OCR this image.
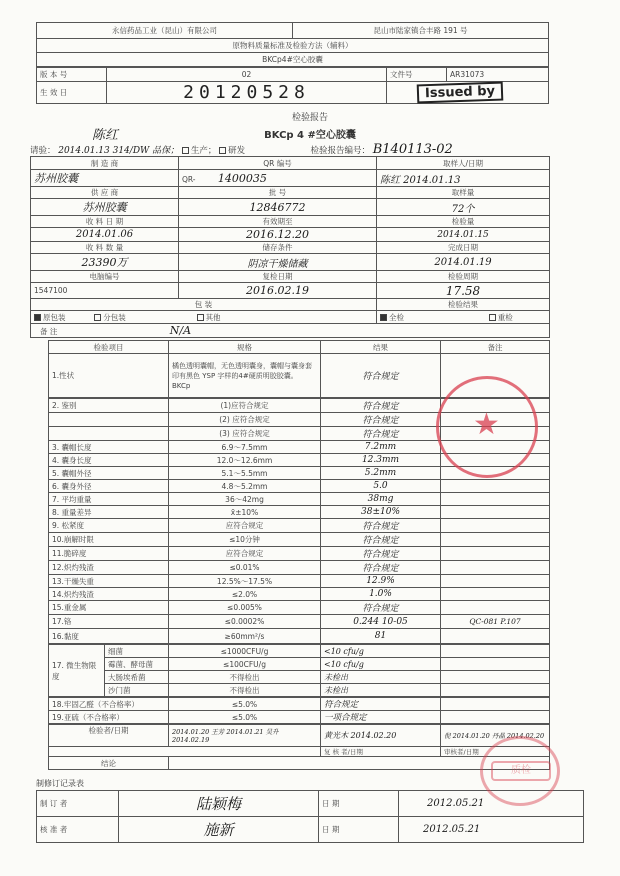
永信药品工业（昆山）有限公司	昆山市陆家镇合丰路 191 号
原物料质量标准及检验方法（辅料）
BKCp4#空心胶囊
版 本 号	02	文件号	AR31073
生 效 日	20120528	Issued by	
检验报告
BKCp 4 #空心胶囊
陈红
请验： 2014.01.13 314/DW 品保； 生产； 研发	检验报告编号： B140113-02
制 造 商	QR 编号	取样人/日期
苏州胶囊	QR- 1400035	陈红 2014.01.13
供 应 商	批 号	取样量
苏州胶囊	12846772	72个
收 料 日 期	有效期至	检验量
2014.01.06	2016.12.20	2014.01.15
收 料 数 量	储存条件	完成日期
23390万	阴凉干燥储藏	2014.01.19
电脑编号	复检日期	检验周期
1547100	2016.02.19	17.58
包 装	检验结果
原包装 分包装 其他	全检 重检
备 注 N/A	
检验项目	规格	结果	备注
1.性状	橘色透明囊帽，无色透明囊身，囊帽与囊身套印有黑色 YSP 字样的4#硬质明胶胶囊。 BKCp	符合规定	
2. 鉴别	(1)应符合规定	符合规定	
	(2) 应符合规定	符合规定	
	(3) 应符合规定	符合规定	
3. 囊帽长度	6.9～7.5mm	7.2mm	
4. 囊身长度	12.0～12.6mm	12.3mm	
5. 囊帽外径	5.1～5.5mm	5.2mm	
6. 囊身外径	4.8～5.2mm	5.0	
7. 平均重量	36～42mg	38mg	
8. 重量差异	x̄±10%	38±10%	
9. 松紧度	应符合规定	符合规定	
10.崩解时限	≤10分钟	符合规定	
11.脆碎度	应符合规定	符合规定	
12.炽灼残渣	≤0.01%	符合规定	
13.干燥失重	12.5%～17.5%	12.9%	
14.炽灼残渣	≤2.0%	1.0%	
15.重金属	≤0.005%	符合规定	
17.铬	≤0.0002%	0.244 10-05	QC-081 P.107
16.黏度	≥60mm²/s	81	
17. 微生物限度	细菌	≤1000CFU/g	<10 cfu/g	
	霉菌、酵母菌	≤100CFU/g	<10 cfu/g	
	大肠埃希菌	不得检出	未检出	
	沙门菌	不得检出	未检出	
18.牢固乙醛（不合格率）	≤5.0%	符合规定	
19.亚硫（不合格率）	≤5.0%	一项合规定	
检验者/日期	2014.01.20 王芳 2014.01.21 吴升 2014.02.19	黄光木 2014.02.20	倪 2014.01.20 丹晶 2014.02.20
		复 核 者/日期	审核者/日期
结论			
制修订记录表
制 订 者	陆颖梅	日 期	2012.05.21
核 准 者	施新	日 期	2012.05.21
★
质检
